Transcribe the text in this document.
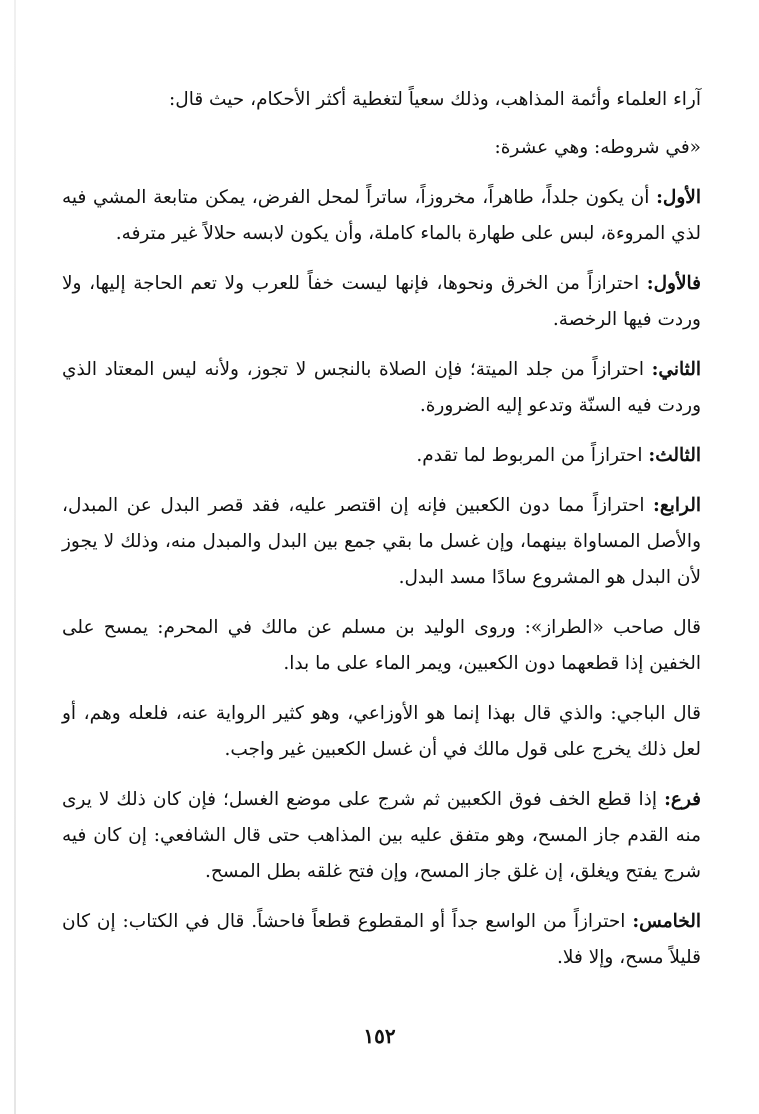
آراء العلماء وأئمة المذاهب، وذلك سعياً لتغطية أكثر الأحكام، حيث قال:

«في شروطه: وهي عشرة:

الأول: أن يكون جلداً، طاهراً، مخروزاً، ساتراً لمحل الفرض، يمكن متابعة المشي فيه لذي المروءة، لبس على طهارة بالماء كاملة، وأن يكون لابسه حلالاً غير مترفه.

فالأول: احترازاً من الخرق ونحوها، فإنها ليست خفاً للعرب ولا تعم الحاجة إليها، ولا وردت فيها الرخصة.

الثاني: احترازاً من جلد الميتة؛ فإن الصلاة بالنجس لا تجوز، ولأنه ليس المعتاد الذي وردت فيه السنّة وتدعو إليه الضرورة.

الثالث: احترازاً من المربوط لما تقدم.

الرابع: احترازاً مما دون الكعبين فإنه إن اقتصر عليه، فقد قصر البدل عن المبدل، والأصل المساواة بينهما، وإن غسل ما بقي جمع بين البدل والمبدل منه، وذلك لا يجوز لأن البدل هو المشروع سادًا مسد البدل.

قال صاحب «الطراز»: وروى الوليد بن مسلم عن مالك في المحرم: يمسح على الخفين إذا قطعهما دون الكعبين، ويمر الماء على ما بدا.

قال الباجي: والذي قال بهذا إنما هو الأوزاعي، وهو كثير الرواية عنه، فلعله وهم، أو لعل ذلك يخرج على قول مالك في أن غسل الكعبين غير واجب.

فرع: إذا قطع الخف فوق الكعبين ثم شرج على موضع الغسل؛ فإن كان ذلك لا يرى منه القدم جاز المسح، وهو متفق عليه بين المذاهب حتى قال الشافعي: إن كان فيه شرج يفتح ويغلق، إن غلق جاز المسح، وإن فتح غلقه بطل المسح.

الخامس: احترازاً من الواسع جداً أو المقطوع قطعاً فاحشاً. قال في الكتاب: إن كان قليلاً مسح، وإلا فلا.

١٥٢
